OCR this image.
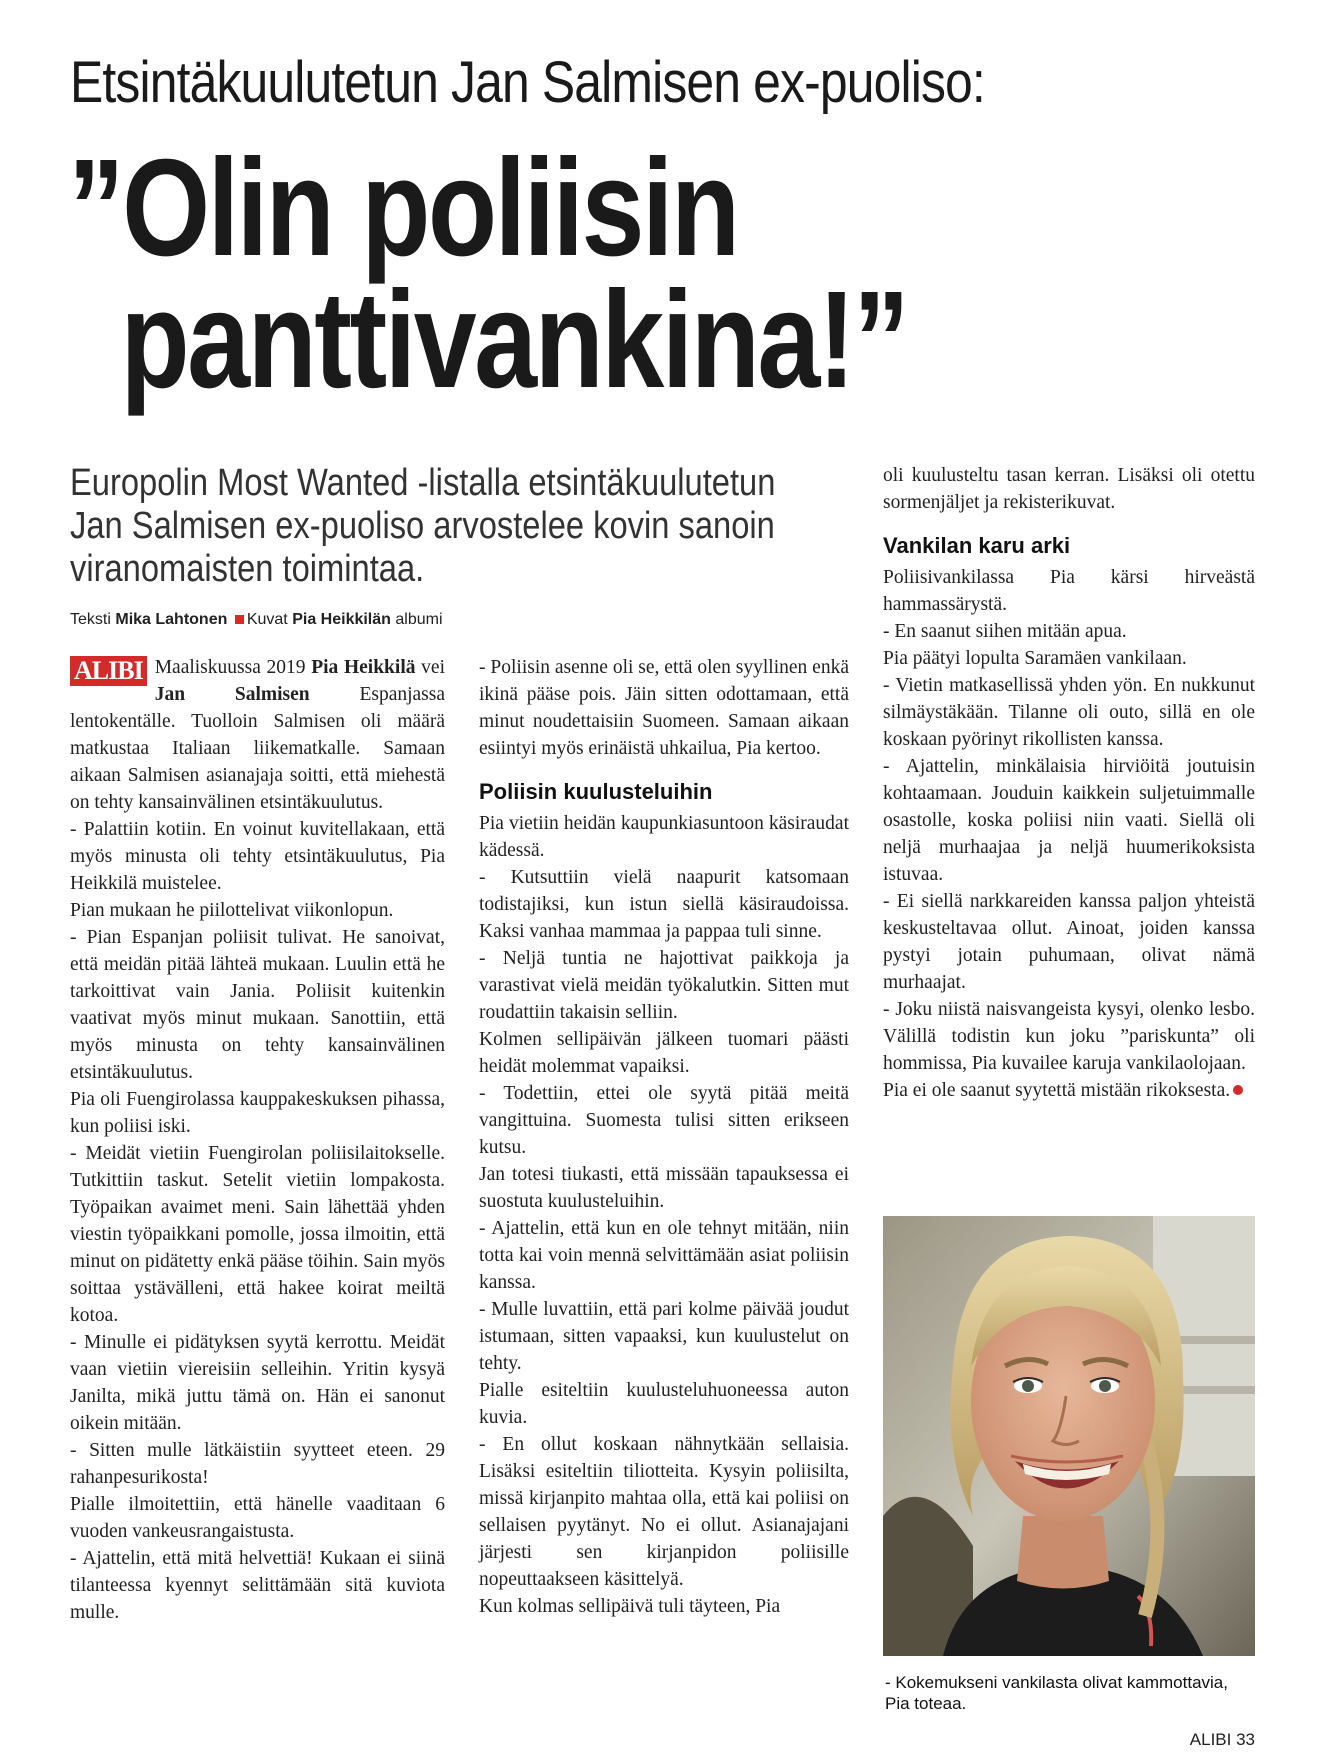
Etsintäkuulutetun Jan Salmisen ex-puoliso:
”Olin poliisin
panttivankina!”
Europolin Most Wanted -listalla etsintäkuulutetun
Jan Salmisen ex-puoliso arvostelee kovin sanoin
viranomaisten toimintaa.
Teksti Mika Lahtonen Kuvat Pia Heikkilän albumi

ALIBI Maaliskuussa 2019 Pia Heikkilä vei Jan Salmisen Espanjassa lentokentälle. Tuolloin Salmisen oli määrä matkustaa Italiaan liikematkalle. Samaan aikaan Salmisen asianajaja soitti, että miehestä on tehty kansainvälinen etsintäkuulutus.

- Palattiin kotiin. En voinut kuvitellakaan, että myös minusta oli tehty etsintäkuulutus, Pia Heikkilä muistelee.

Pian mukaan he piilottelivat viikonlopun.

- Pian Espanjan poliisit tulivat. He sanoivat, että meidän pitää lähteä mukaan. Luulin että he tarkoittivat vain Jania. Poliisit kuitenkin vaativat myös minut mukaan. Sanottiin, että myös minusta on tehty kansainvälinen etsintäkuulutus.

Pia oli Fuengirolassa kauppakeskuksen pihassa, kun poliisi iski.

- Meidät vietiin Fuengirolan poliisilaitokselle. Tutkittiin taskut. Setelit vietiin lompakosta. Työpaikan avaimet meni. Sain lähettää yhden viestin työpaikkani pomolle, jossa ilmoitin, että minut on pidätetty enkä pääse töihin. Sain myös soittaa ystävälleni, että hakee koirat meiltä kotoa.

- Minulle ei pidätyksen syytä kerrottu. Meidät vaan vietiin viereisiin selleihin. Yritin kysyä Janilta, mikä juttu tämä on. Hän ei sanonut oikein mitään.

- Sitten mulle lätkäistiin syytteet eteen. 29 rahanpesurikosta!

Pialle ilmoitettiin, että hänelle vaaditaan 6 vuoden vankeusrangaistusta.

- Ajattelin, että mitä helvettiä! Kukaan ei siinä tilanteessa kyennyt selittämään sitä kuviota mulle.

- Poliisin asenne oli se, että olen syyllinen enkä ikinä pääse pois. Jäin sitten odottamaan, että minut noudettaisiin Suomeen. Samaan aikaan esiintyi myös erinäistä uhkailua, Pia kertoo.

Poliisin kuulusteluihin

Pia vietiin heidän kaupunkiasuntoon käsiraudat kädessä.

- Kutsuttiin vielä naapurit katsomaan todistajiksi, kun istun siellä käsiraudoissa. Kaksi vanhaa mammaa ja pappaa tuli sinne.

- Neljä tuntia ne hajottivat paikkoja ja varastivat vielä meidän työkalutkin. Sitten mut roudattiin takaisin selliin.

Kolmen sellipäivän jälkeen tuomari päästi heidät molemmat vapaiksi.

- Todettiin, ettei ole syytä pitää meitä vangittuina. Suomesta tulisi sitten erikseen kutsu.

Jan totesi tiukasti, että missään tapauksessa ei suostuta kuulusteluihin.

- Ajattelin, että kun en ole tehnyt mitään, niin totta kai voin mennä selvittämään asiat poliisin kanssa.

- Mulle luvattiin, että pari kolme päivää joudut istumaan, sitten vapaaksi, kun kuulustelut on tehty.

Pialle esiteltiin kuulusteluhuoneessa auton kuvia.

- En ollut koskaan nähnytkään sellaisia. Lisäksi esiteltiin tiliotteita. Kysyin poliisilta, missä kirjanpito mahtaa olla, että kai poliisi on sellaisen pyytänyt. No ei ollut. Asianajajani järjesti sen kirjanpidon poliisille nopeuttaakseen käsittelyä.

Kun kolmas sellipäivä tuli täyteen, Pia

oli kuulusteltu tasan kerran. Lisäksi oli otettu sormenjäljet ja rekisterikuvat.

Vankilan karu arki

Poliisivankilassa Pia kärsi hirveästä hammassärystä.

- En saanut siihen mitään apua.

Pia päätyi lopulta Saramäen vankilaan.

- Vietin matkasellissä yhden yön. En nukkunut silmäystäkään. Tilanne oli outo, sillä en ole koskaan pyörinyt rikollisten kanssa.

- Ajattelin, minkälaisia hirviöitä joutuisin kohtaamaan. Jouduin kaikkein suljetuimmalle osastolle, koska poliisi niin vaati. Siellä oli neljä murhaajaa ja neljä huumerikoksista istuvaa.

- Ei siellä narkkareiden kanssa paljon yhteistä keskusteltavaa ollut. Ainoat, joiden kanssa pystyi jotain puhumaan, olivat nämä murhaajat.

- Joku niistä naisvangeista kysyi, olenko lesbo. Välillä todistin kun joku ”pariskunta” oli hommissa, Pia kuvailee karuja vankilaolojaan.

Pia ei ole saanut syytettä mistään rikoksesta.

- Kokemukseni vankilasta olivat kammottavia, Pia toteaa.
ALIBI 33
